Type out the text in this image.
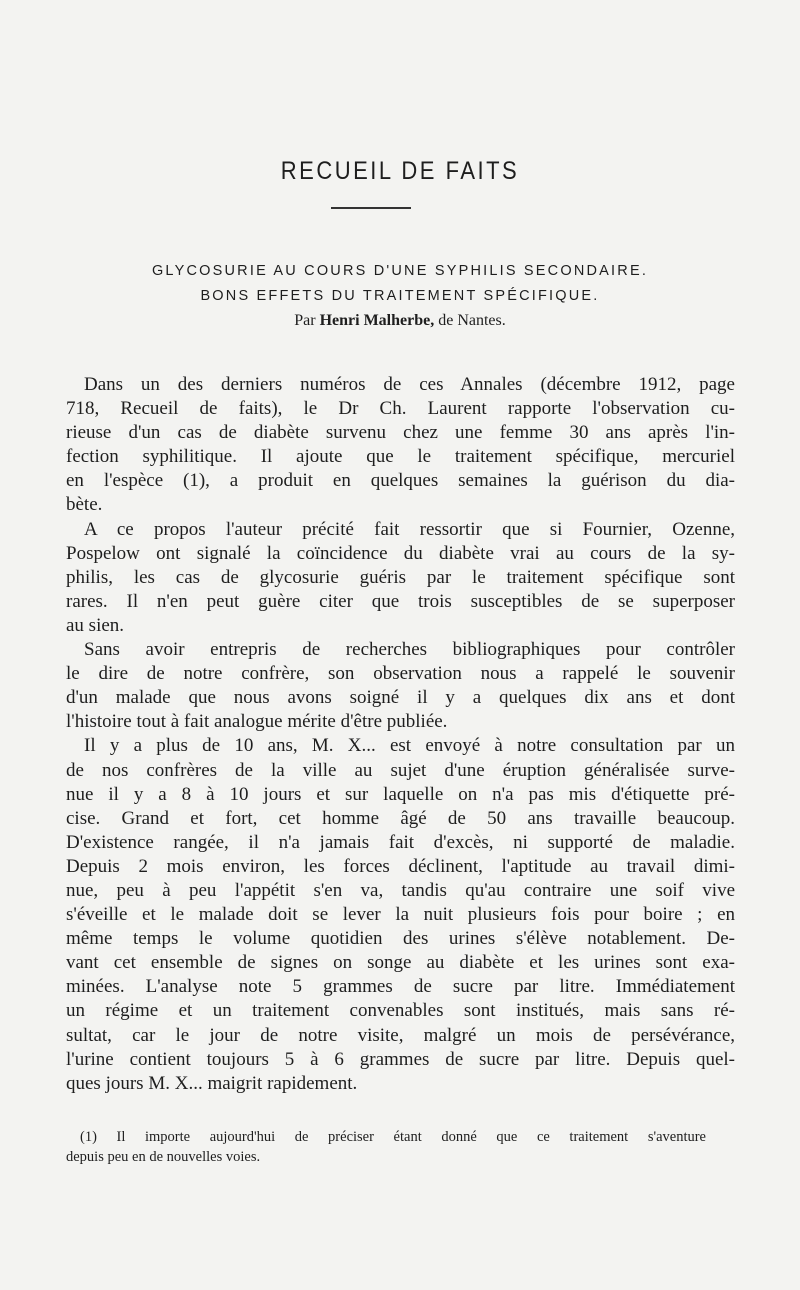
RECUEIL DE FAITS
GLYCOSURIE AU COURS D'UNE SYPHILIS SECONDAIRE.
BONS EFFETS DU TRAITEMENT SPÉCIFIQUE.
Par Henri Malherbe, de Nantes.
Dans un des derniers numéros de ces Annales (décembre 1912, page
718, Recueil de faits), le Dr Ch. Laurent rapporte l'observation cu-
rieuse d'un cas de diabète survenu chez une femme 30 ans après l'in-
fection syphilitique. Il ajoute que le traitement spécifique, mercuriel
en l'espèce (1), a produit en quelques semaines la guérison du dia-
bète.
A ce propos l'auteur précité fait ressortir que si Fournier, Ozenne,
Pospelow ont signalé la coïncidence du diabète vrai au cours de la sy-
philis, les cas de glycosurie guéris par le traitement spécifique sont
rares. Il n'en peut guère citer que trois susceptibles de se superposer
au sien.
Sans avoir entrepris de recherches bibliographiques pour contrôler
le dire de notre confrère, son observation nous a rappelé le souvenir
d'un malade que nous avons soigné il y a quelques dix ans et dont
l'histoire tout à fait analogue mérite d'être publiée.
Il y a plus de 10 ans, M. X... est envoyé à notre consultation par un
de nos confrères de la ville au sujet d'une éruption généralisée surve-
nue il y a 8 à 10 jours et sur laquelle on n'a pas mis d'étiquette pré-
cise. Grand et fort, cet homme âgé de 50 ans travaille beaucoup.
D'existence rangée, il n'a jamais fait d'excès, ni supporté de maladie.
Depuis 2 mois environ, les forces déclinent, l'aptitude au travail dimi-
nue, peu à peu l'appétit s'en va, tandis qu'au contraire une soif vive
s'éveille et le malade doit se lever la nuit plusieurs fois pour boire ; en
même temps le volume quotidien des urines s'élève notablement. De-
vant cet ensemble de signes on songe au diabète et les urines sont exa-
minées. L'analyse note 5 grammes de sucre par litre. Immédiatement
un régime et un traitement convenables sont institués, mais sans ré-
sultat, car le jour de notre visite, malgré un mois de persévérance,
l'urine contient toujours 5 à 6 grammes de sucre par litre. Depuis quel-
ques jours M. X... maigrit rapidement.
(1) Il importe aujourd'hui de préciser étant donné que ce traitement s'aventure
depuis peu en de nouvelles voies.
